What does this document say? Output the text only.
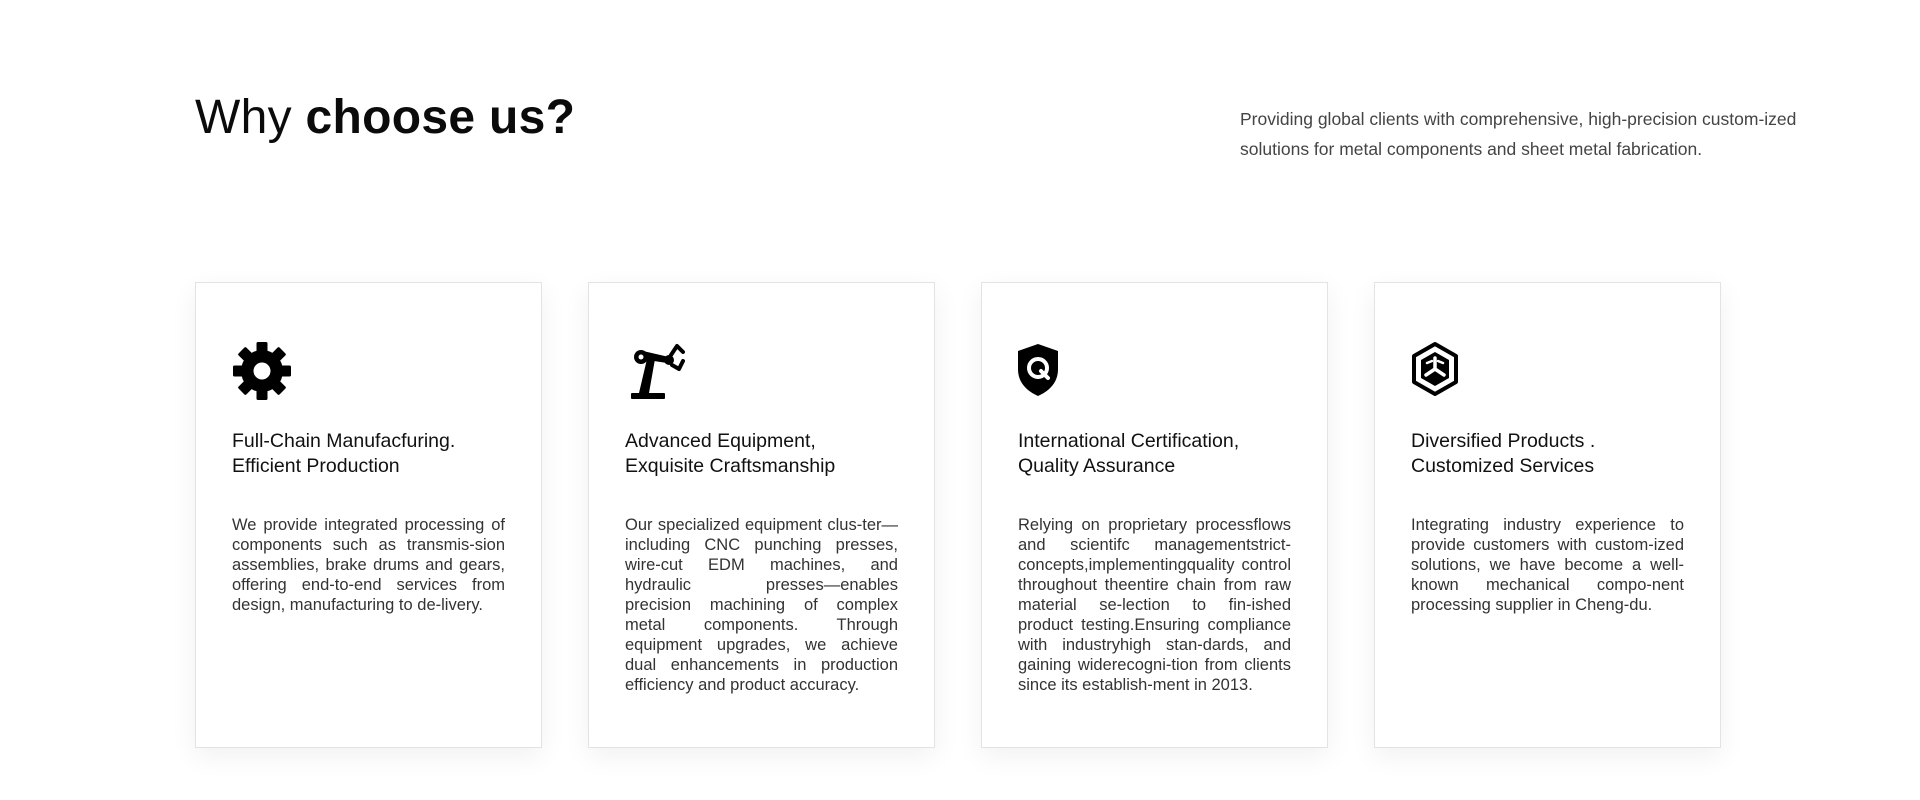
Why choose us?	Providing global clients with comprehensive, high-precision custom-ized solutions for metal components and sheet metal fabrication.

Full-Chain Manufacfuring.
Efficient Production

We provide integrated processing of components such as transmis-sion assemblies, brake drums and gears, offering end-to-end services from design, manufacturing to de-livery.

Advanced Equipment,
Exquisite Craftsmanship

Our specialized equipment clus-ter—including CNC punching presses, wire-cut EDM machines, and hydraulic presses—enables precision machining of complex metal components. Through equipment upgrades, we achieve dual enhancements in production efficiency and product accuracy.

International Certification,
Quality Assurance

Relying on proprietary processflows and scientifc managementstrict-concepts,implementingquality control throughout theentire chain from raw material se-lection to fin-ished product testing.Ensuring compliance with industryhigh stan-dards, and gaining widerecogni-tion from clients since its establish-ment in 2013.

Diversified Products .
Customized Services

Integrating industry experience to provide customers with custom-ized solutions, we have become a well-known mechanical compo-nent processing supplier in Cheng-du.
